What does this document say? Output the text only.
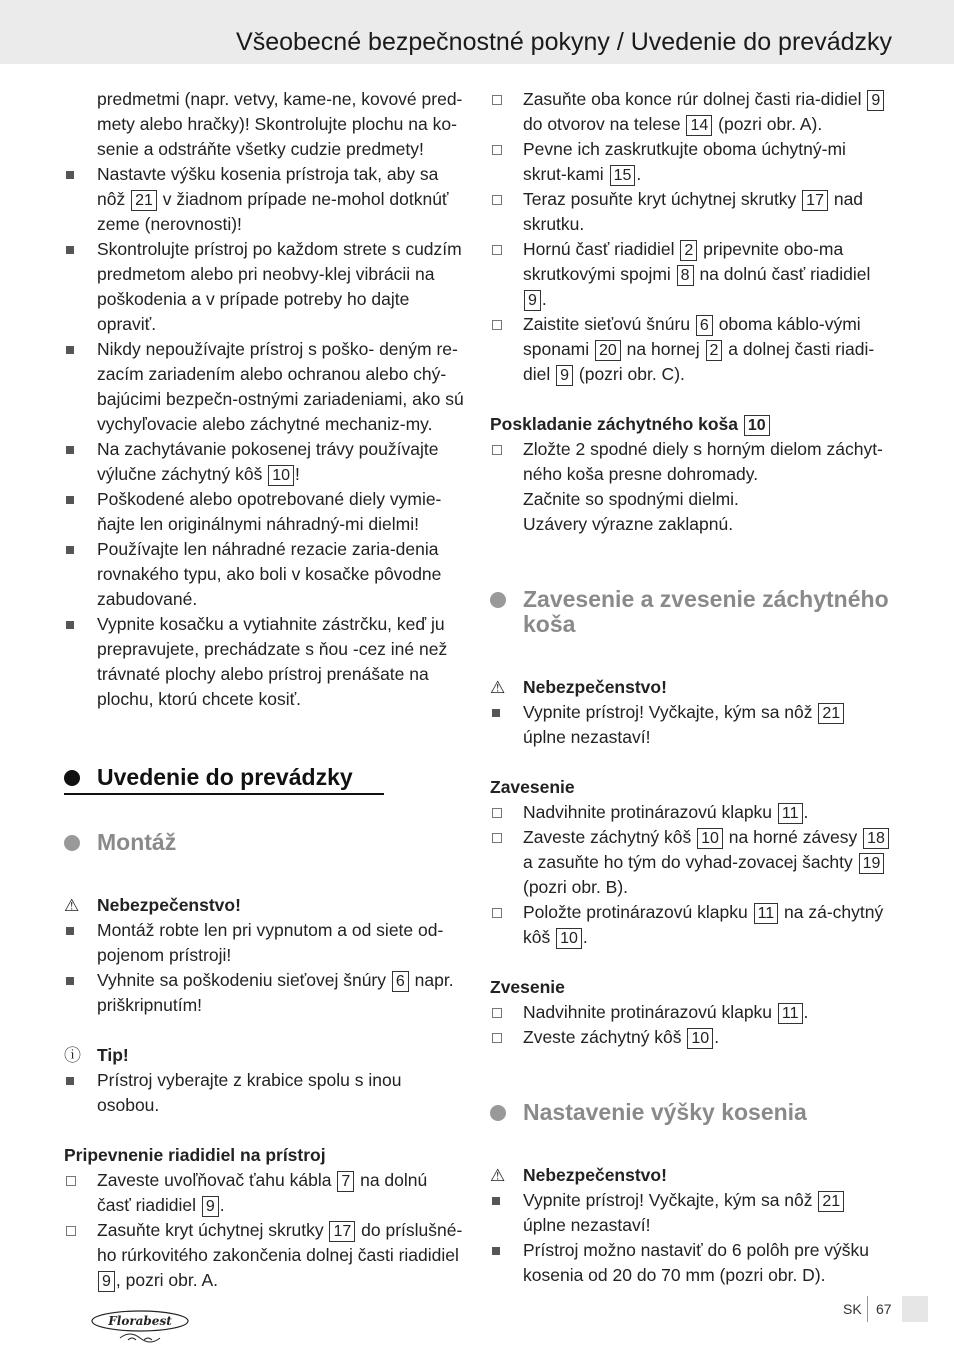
Všeobecné bezpečnostné pokyny / Uvedenie do prevádzky
predmetmi (napr. vetvy, kame-ne, kovové pred-metу alebo hračky)! Skontrolujte plochu na ko-senie a odstráňte všetky cudzie predmety!
Nastavte výšku kosenia prístroja tak, aby sa nôž 21 v žiadnom prípade ne-mohol dotknúť zeme (nerovnosti)!
Skontrolujte prístroj po každom strete s cudzím predmetom alebo pri neobvy-klej vibrácii na poškodenia a v prípade potreby ho dajte opraviť.
Nikdy nepoužívajte prístroj s poško- deným re-zacím zariadením alebo ochranou alebo chý-bajúcimi bezpečn-ostnými zariadeniami, ako sú vychyľovacie alebo záchytné mechaniz-my.
Na zachytávanie pokosenej trávy používajte výlučne záchytný kôš 10 !
Poškodené alebo opotrebované diely vymie-ňajte len originálnymi náhradný-mi dielmi!
Používajte len náhradné rezacie zaria-denia rovnakého typu, ako boli v kosačke pôvodne zabudované.
Vypnite kosačku a vytiahnite zástrčku, keď ju prepravujete, prechádzate s ňou -cez iné než trávnaté plochy alebo prístroj prenášate na plochu, ktorú chcete kosiť.
Uvedenie do prevádzky
Montáž
⚠
Nebezpečenstvo!
Montáž robte len pri vypnutom a od siete od-pojenom prístroji!
Vyhnite sa poškodeniu sieťovej šnúry 6 napr. priškripnutím!
ⓘ
Tip!
Prístroj vyberajte z krabice spolu s inou osobou.
Pripevnenie riadidiel na prístroj
Zaveste uvoľňovač ťahu kábla 7 na dolnú časť riadidiel 9 .
Zasuňte kryt úchytnej skrutky 17 do príslušné-ho rúrkovitého zakončenia dolnej časti riadidiel 9 , pozri obr. A.
Zasuňte oba konce rúr dolnej časti ria-didiel 9 do otvorov na telese 14 (pozri obr. A).
Pevne ich zaskrutkujte oboma úchytný-mi skrut-kami 15 .
Teraz posuňte kryt úchytnej skrutky 17 nad skrutku.
Hornú časť riadidiel 2 pripevnite obo-ma skrutkovými spojmi 8 na dolnú časť riadidiel 9 .
Zaistite sieťovú šnúru 6 oboma káblo-vými sponami 20 na hornej 2 a dolnej časti riadi-diel 9 (pozri obr. C).
Poskladanie záchytného koša 10
Zložte 2 spodné diely s horným dielom záchyt-ného koša presne dohromady.
Začnite so spodnými dielmi.
Uzávery výrazne zaklapnú.
Zavesenie a zvesenie záchytného koša
⚠
Nebezpečenstvo!
Vypnite prístroj! Vyčkajte, kým sa nôž 21 úplne nezastaví!
Zavesenie
Nadvihnite protinárazovú klapku 11 .
Zaveste záchytný kôš 10 na horné závesy 18 a zasuňte ho tým do vyhad-zovacej šachty 19 (pozri obr. B).
Položte protinárazovú klapku 11 na zá-chytný kôš 10 .
Zvesenie
Nadvihnite protinárazovú klapku 11 .
Zveste záchytný kôš 10 .
Nastavenie výšky kosenia
⚠
Nebezpečenstvo!
Vypnite prístroj! Vyčkajte, kým sa nôž 21 úplne nezastaví!
Prístroj možno nastaviť do 6 polôh pre výšku kosenia od 20 do 70 mm (pozri obr. D).
Florabest
SK 67
